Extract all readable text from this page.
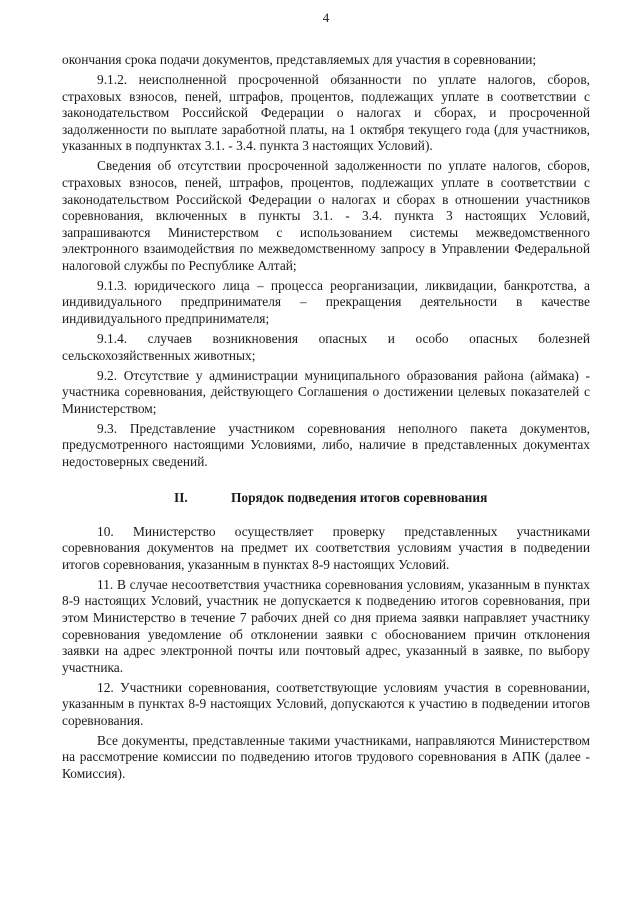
4

окончания срока подачи документов, представляемых для участия в соревновании;

9.1.2. неисполненной просроченной обязанности по уплате налогов, сборов, страховых взносов, пеней, штрафов, процентов, подлежащих уплате в соответствии с законодательством Российской Федерации о налогах и сборах, и просроченной задолженности по выплате заработной платы, на 1 октября текущего года (для участников, указанных в подпунктах 3.1. - 3.4. пункта 3 настоящих Условий).

Сведения об отсутствии просроченной задолженности по уплате налогов, сборов, страховых взносов, пеней, штрафов, процентов, подлежащих уплате в соответствии с законодательством Российской Федерации о налогах и сборах в отношении участников соревнования, включенных в пункты 3.1. - 3.4. пункта 3 настоящих Условий, запрашиваются Министерством с использованием системы межведомственного электронного взаимодействия по межведомственному запросу в Управлении Федеральной налоговой службы по Республике Алтай;

9.1.3. юридического лица – процесса реорганизации, ликвидации, банкротства, а индивидуального предпринимателя – прекращения деятельности в качестве индивидуального предпринимателя;

9.1.4. случаев возникновения опасных и особо опасных болезней сельскохозяйственных животных;

9.2. Отсутствие у администрации муниципального образования района (аймака) - участника соревнования, действующего Соглашения о достижении целевых показателей с Министерством;

9.3. Представление участником соревнования неполного пакета документов, предусмотренного настоящими Условиями, либо, наличие в представленных документах недостоверных сведений.

II.	Порядок подведения итогов соревнования

10. Министерство осуществляет проверку представленных участниками соревнования документов на предмет их соответствия условиям участия в подведении итогов соревнования, указанным в пунктах 8-9 настоящих Условий.

11. В случае несоответствия участника соревнования условиям, указанным в пунктах 8-9 настоящих Условий, участник не допускается к подведению итогов соревнования, при этом Министерство в течение 7 рабочих дней со дня приема заявки направляет участнику соревнования уведомление об отклонении заявки с обоснованием причин отклонения заявки на адрес электронной почты или почтовый адрес, указанный в заявке, по выбору участника.

12. Участники соревнования, соответствующие условиям участия в соревновании, указанным в пунктах 8-9 настоящих Условий, допускаются к участию в подведении итогов соревнования.

Все документы, представленные такими участниками, направляются Министерством на рассмотрение комиссии по подведению итогов трудового соревнования в АПК (далее - Комиссия).
